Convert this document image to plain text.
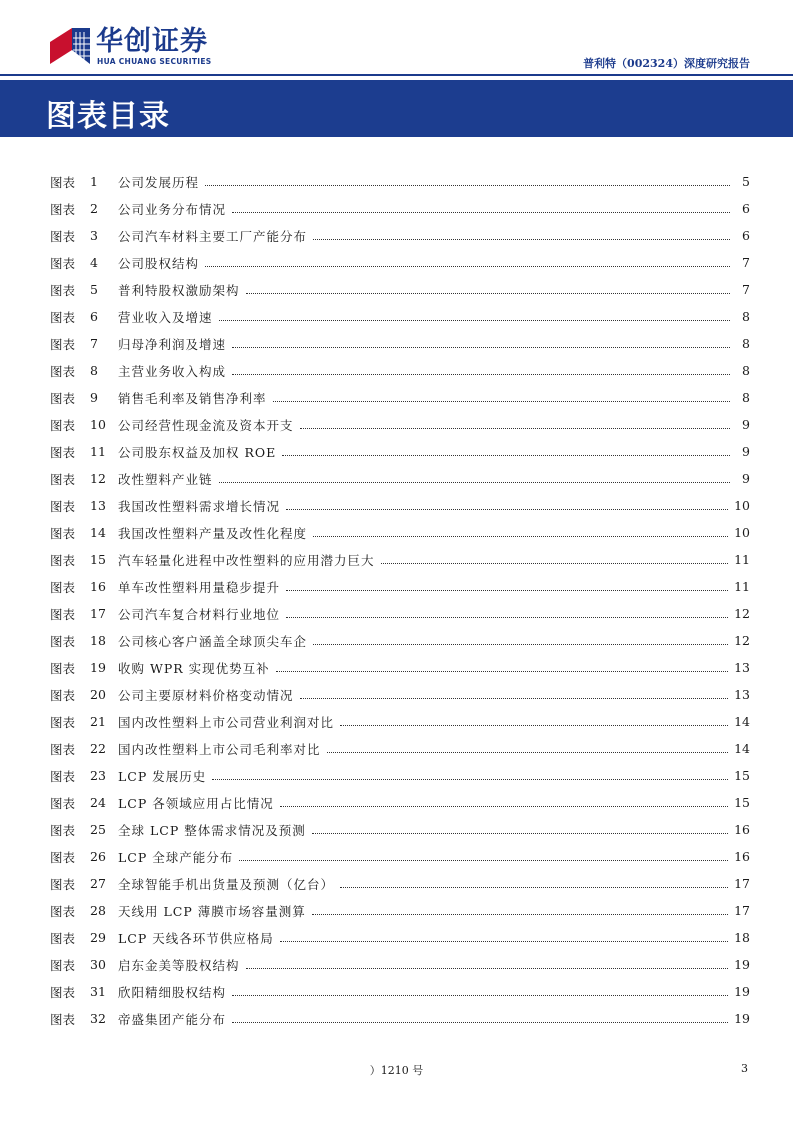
华创证券
HUA CHUANG SECURITIES	普利特（002324）深度研究报告
图表目录
图表	1	公司发展历程	5
图表	2	公司业务分布情况	6
图表	3	公司汽车材料主要工厂产能分布	6
图表	4	公司股权结构	7
图表	5	普利特股权激励架构	7
图表	6	营业收入及增速	8
图表	7	归母净利润及增速	8
图表	8	主营业务收入构成	8
图表	9	销售毛利率及销售净利率	8
图表	10 公司经营性现金流及资本开支	9
图表	11 公司股东权益及加权 ROE	9
图表	12 改性塑料产业链	9
图表	13 我国改性塑料需求增长情况	10
图表	14 我国改性塑料产量及改性化程度	10
图表	15 汽车轻量化进程中改性塑料的应用潜力巨大	11
图表	16 单车改性塑料用量稳步提升	11
图表	17 公司汽车复合材料行业地位	12
图表	18 公司核心客户涵盖全球顶尖车企	12
图表	19 收购 WPR 实现优势互补	13
图表	20 公司主要原材料价格变动情况	13
图表	21 国内改性塑料上市公司营业利润对比	14
图表	22 国内改性塑料上市公司毛利率对比	14
图表	23 LCP 发展历史	15
图表	24 LCP 各领域应用占比情况	15
图表	25 全球 LCP 整体需求情况及预测	16
图表	26 LCP 全球产能分布	16
图表	27 全球智能手机出货量及预测（亿台）	17
图表	28 天线用 LCP 薄膜市场容量测算	17
图表	29 LCP 天线各环节供应格局	18
图表	30 启东金美等股权结构	19
图表	31 欣阳精细股权结构	19
图表	32 帝盛集团产能分布	19
）1210 号	3
